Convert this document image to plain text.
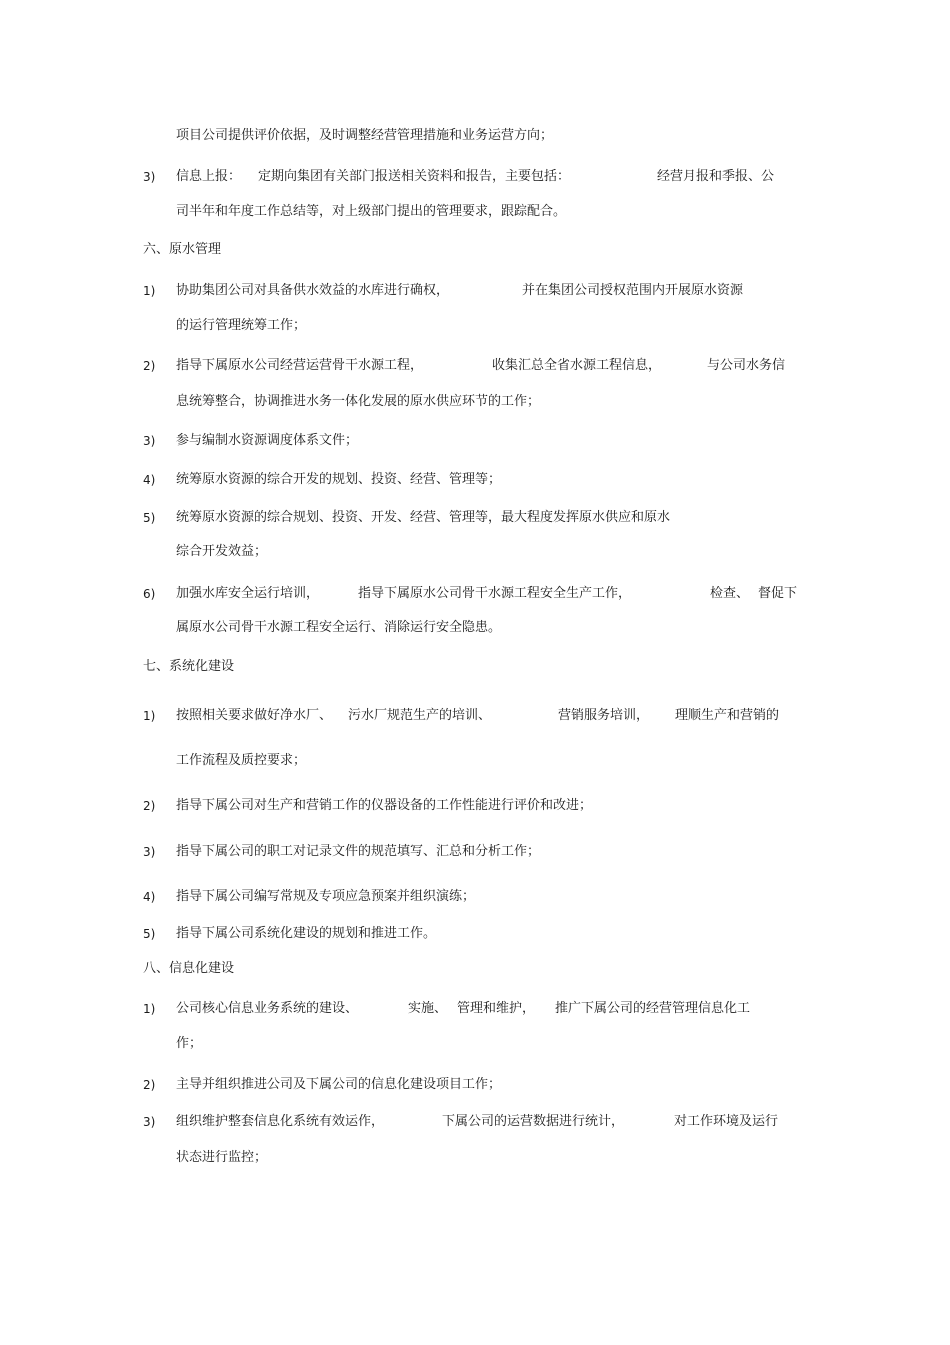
项目公司提供评价依据，及时调整经营管理措施和业务运营方向；
3) 信息上报： 定期向集团有关部门报送相关资料和报告，主要包括：	经营月报和季报、公
司半年和年度工作总结等，对上级部门提出的管理要求，跟踪配合。
六、原水管理
1) 协助集团公司对具备供水效益的水库进行确权，	并在集团公司授权范围内开展原水资源
的运行管理统筹工作；
2) 指导下属原水公司经营运营骨干水源工程，	收集汇总全省水源工程信息，	与公司水务信
息统筹整合，协调推进水务一体化发展的原水供应环节的工作；
3) 参与编制水资源调度体系文件；
4) 统筹原水资源的综合开发的规划、投资、经营、管理等；
5) 统筹原水资源的综合规划、投资、开发、经营、管理等，最大程度发挥原水供应和原水
综合开发效益；
6) 加强水库安全运行培训，	指导下属原水公司骨干水源工程安全生产工作，	检查、 督促下
属原水公司骨干水源工程安全运行、消除运行安全隐患。
七、系统化建设
1) 按照相关要求做好净水厂、 污水厂规范生产的培训、	营销服务培训， 理顺生产和营销的
工作流程及质控要求；
2) 指导下属公司对生产和营销工作的仪器设备的工作性能进行评价和改进；
3) 指导下属公司的职工对记录文件的规范填写、汇总和分析工作；
4) 指导下属公司编写常规及专项应急预案并组织演练；
5) 指导下属公司系统化建设的规划和推进工作。
八、信息化建设
1) 公司核心信息业务系统的建设、	实施、 管理和维护， 推广下属公司的经营管理信息化工
作；
2) 主导并组织推进公司及下属公司的信息化建设项目工作；
3) 组织维护整套信息化系统有效运作，	下属公司的运营数据进行统计，	对工作环境及运行
状态进行监控；
